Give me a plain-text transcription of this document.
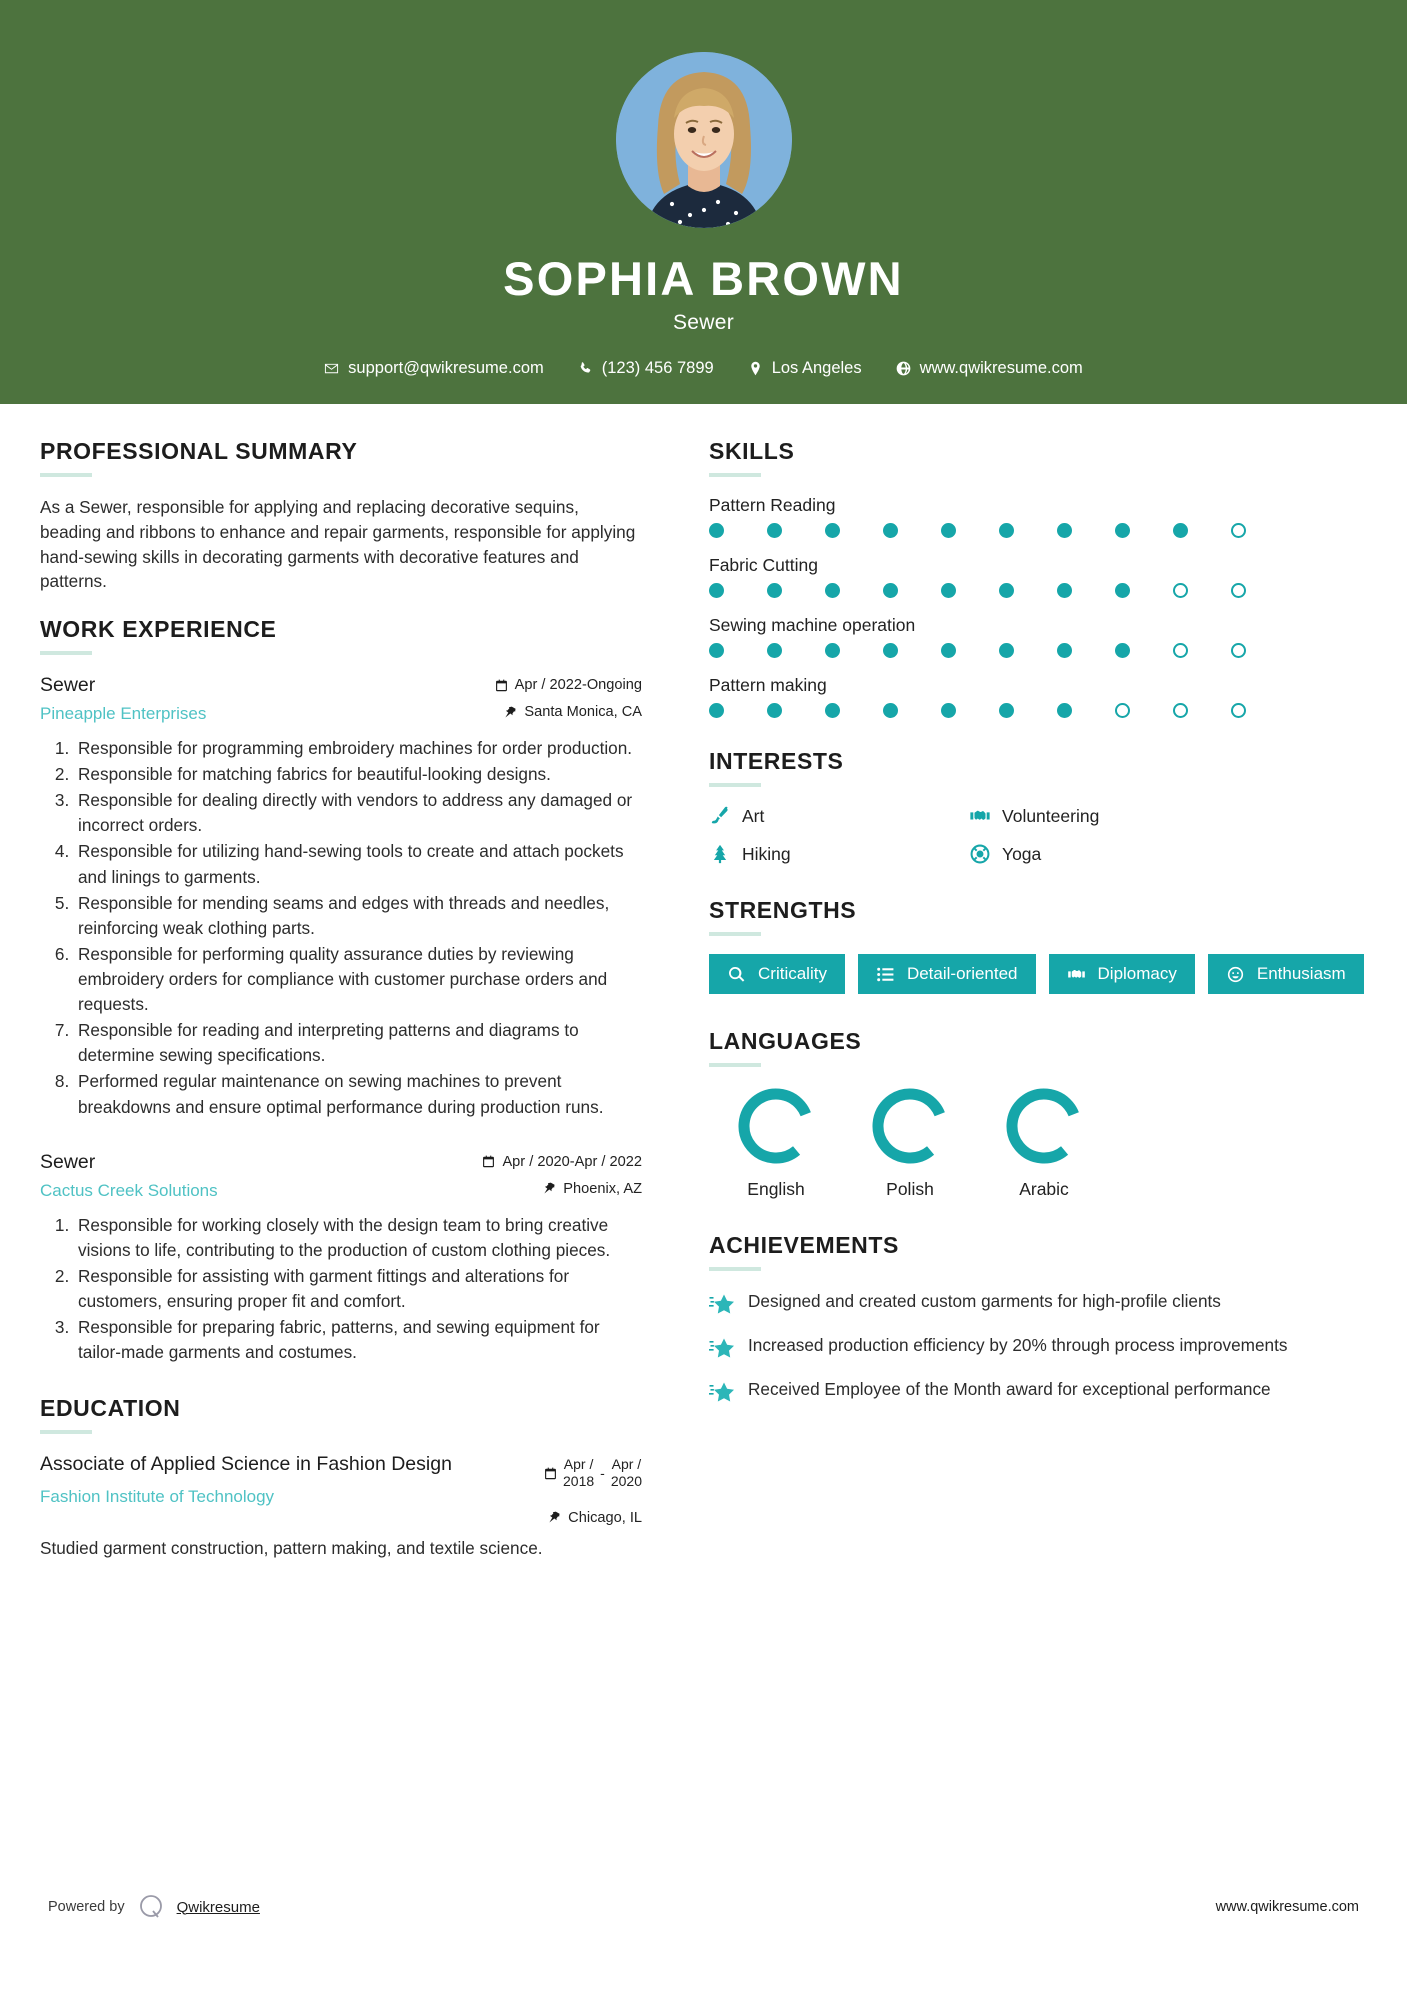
SOPHIA BROWN
Sewer
support@qwikresume.com	(123) 456 7899	Los Angeles	www.qwikresume.com
PROFESSIONAL SUMMARY
As a Sewer, responsible for applying and replacing decorative sequins, beading and ribbons to enhance and repair garments, responsible for applying hand-sewing skills in decorating garments with decorative features and patterns.
WORK EXPERIENCE
Sewer
Pineapple Enterprises
Apr / 2022-Ongoing
Santa Monica, CA
1. Responsible for programming embroidery machines for order production.
2. Responsible for matching fabrics for beautiful-looking designs.
3. Responsible for dealing directly with vendors to address any damaged or incorrect orders.
4. Responsible for utilizing hand-sewing tools to create and attach pockets and linings to garments.
5. Responsible for mending seams and edges with threads and needles, reinforcing weak clothing parts.
6. Responsible for performing quality assurance duties by reviewing embroidery orders for compliance with customer purchase orders and requests.
7. Responsible for reading and interpreting patterns and diagrams to determine sewing specifications.
8. Performed regular maintenance on sewing machines to prevent breakdowns and ensure optimal performance during production runs.
Sewer
Cactus Creek Solutions
Apr / 2020-Apr / 2022
Phoenix, AZ
1. Responsible for working closely with the design team to bring creative visions to life, contributing to the production of custom clothing pieces.
2. Responsible for assisting with garment fittings and alterations for customers, ensuring proper fit and comfort.
3. Responsible for preparing fabric, patterns, and sewing equipment for tailor-made garments and costumes.
EDUCATION
Associate of Applied Science in Fashion Design
Fashion Institute of Technology
Apr /
2018
-
Apr /
2020
Chicago, IL
Studied garment construction, pattern making, and textile science.
SKILLS
Pattern Reading
Fabric Cutting
Sewing machine operation
Pattern making
INTERESTS
Art	Volunteering
Hiking	Yoga
STRENGTHS
Criticality	Detail-oriented	Diplomacy	Enthusiasm
LANGUAGES
English	Polish	Arabic
ACHIEVEMENTS
Designed and created custom garments for high-profile clients
Increased production efficiency by 20% through process improvements
Received Employee of the Month award for exceptional performance
Powered by	Qwikresume	www.qwikresume.com
